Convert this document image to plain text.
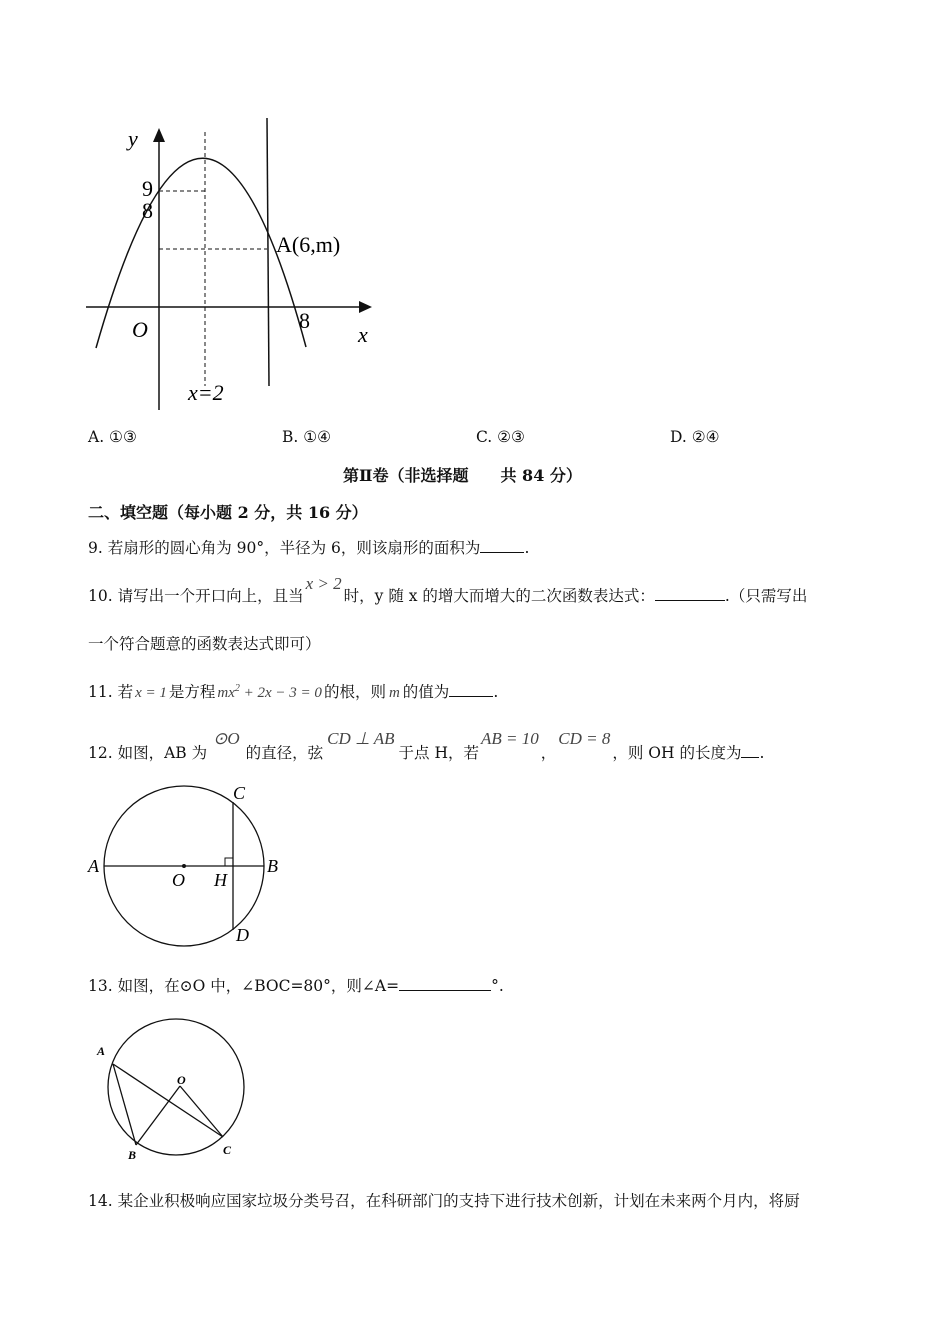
y
9
8
A(6,m)
O	8
x
x=2
A. ①③	B. ①④	C. ②③	D. ②④
第Ⅱ卷（非选择题　　共 84 分）
二、填空题（每小题 2 分，共 16 分）
9. 若扇形的圆心角为 90°，半径为 6，则该扇形的面积为	.
10. 请写出一个开口向上，且当x > 2时，y 随 x 的增大而增大的二次函数表达式：	.（只需写出
一个符合题意的函数表达式即可）
11. 若 x = 1 是方程 $mx^2 + 2x - 3 = 0$ 的根，则 m 的值为	.
12. 如图，AB 为⊙O的直径，弦CD ⊥ AB于点 H，若AB = 10，CD = 8，则 OH 的长度为 .
A	B
C
D
O H
13. 如图，在⊙O 中，∠BOC=80°，则∠A=	°.
A
O
B	C
14. 某企业积极响应国家垃圾分类号召，在科研部门的支持下进行技术创新，计划在未来两个月内，将厨
